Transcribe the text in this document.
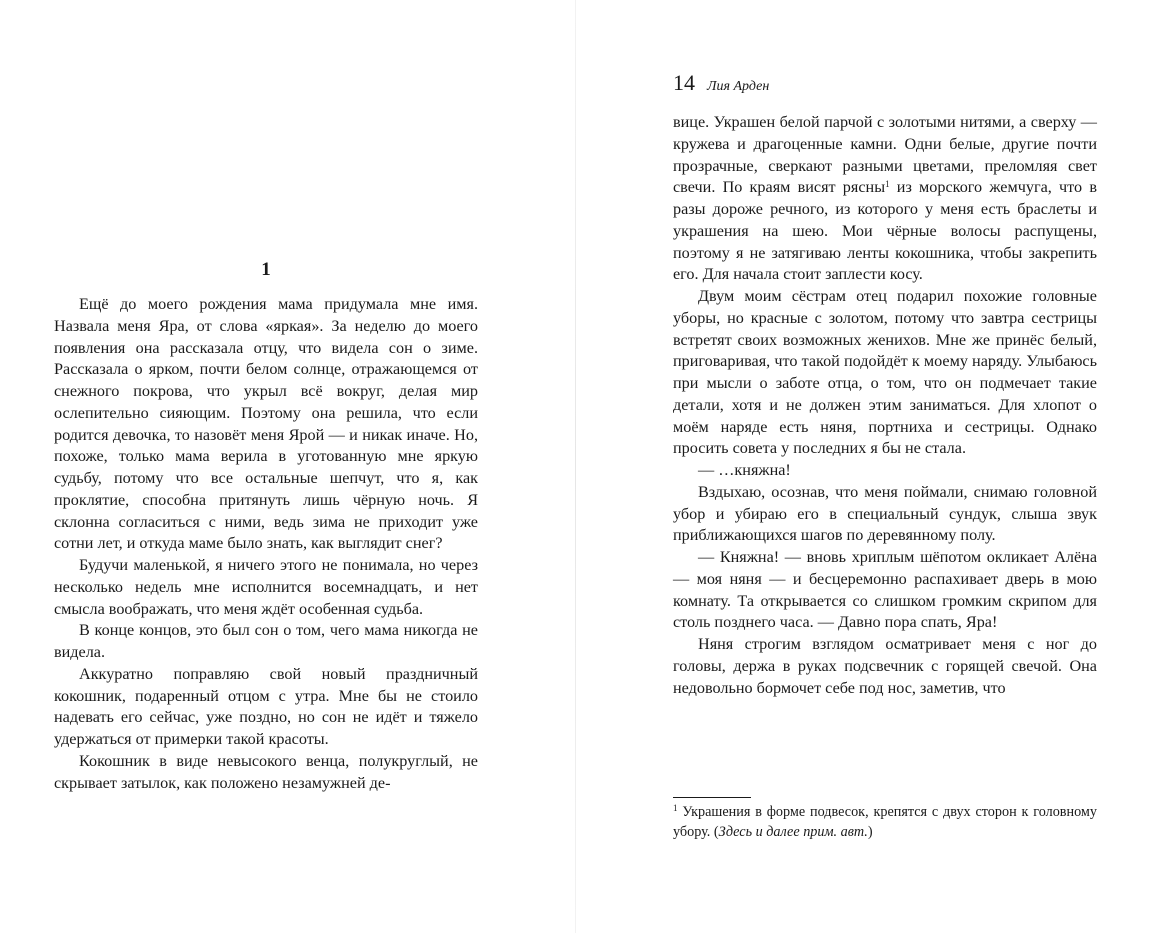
1

Ещё до моего рождения мама придумала мне имя. Назвала меня Яра, от слова «яркая». За неделю до моего появления она рассказала отцу, что видела сон о зиме. Рассказала о ярком, почти белом солнце, отражающемся от снежного покрова, что укрыл всё вокруг, делая мир ослепительно сияющим. Поэтому она решила, что если родится девочка, то назовёт меня Ярой — и никак иначе. Но, похоже, только мама верила в уготованную мне яркую судьбу, потому что все остальные шепчут, что я, как проклятие, способна притянуть лишь чёрную ночь. Я склонна согласиться с ними, ведь зима не приходит уже сотни лет, и откуда маме было знать, как выглядит снег?

Будучи маленькой, я ничего этого не понимала, но через несколько недель мне исполнится восемнадцать, и нет смысла воображать, что меня ждёт особенная судьба.

В конце концов, это был сон о том, чего мама никогда не видела.

Аккуратно поправляю свой новый праздничный кокошник, подаренный отцом с утра. Мне бы не стоило надевать его сейчас, уже поздно, но сон не идёт и тяжело удержаться от примерки такой красоты.

Кокошник в виде невысокого венца, полукруглый, не скрывает затылок, как положено незамужней де-

14 Лия Арден

вице. Украшен белой парчой с золотыми нитями, а сверху — кружева и драгоценные камни. Одни белые, другие почти прозрачные, сверкают разными цветами, преломляя свет свечи. По краям висят рясны$^1$ из морского жемчуга, что в разы дороже речного, из которого у меня есть браслеты и украшения на шею. Мои чёрные волосы распущены, поэтому я не затягиваю ленты кокошника, чтобы закрепить его. Для начала стоит заплести косу.

Двум моим сёстрам отец подарил похожие головные уборы, но красные с золотом, потому что завтра сестрицы встретят своих возможных женихов. Мне же принёс белый, приговаривая, что такой подойдёт к моему наряду. Улыбаюсь при мысли о заботе отца, о том, что он подмечает такие детали, хотя и не должен этим заниматься. Для хлопот о моём наряде есть няня, портниха и сестрицы. Однако просить совета у последних я бы не стала.

— …княжна!

Вздыхаю, осознав, что меня поймали, снимаю головной убор и убираю его в специальный сундук, слыша звук приближающихся шагов по деревянному полу.

— Княжна! — вновь хриплым шёпотом окликает Алёна — моя няня — и бесцеремонно распахивает дверь в мою комнату. Та открывается со слишком громким скрипом для столь позднего часа. — Давно пора спать, Яра!

Няня строгим взглядом осматривает меня с ног до головы, держа в руках подсвечник с горящей свечой. Она недовольно бормочет себе под нос, заметив, что

$^1$ Украшения в форме подвесок, крепятся с двух сторон к головному убору. (Здесь и далее прим. авт.)
